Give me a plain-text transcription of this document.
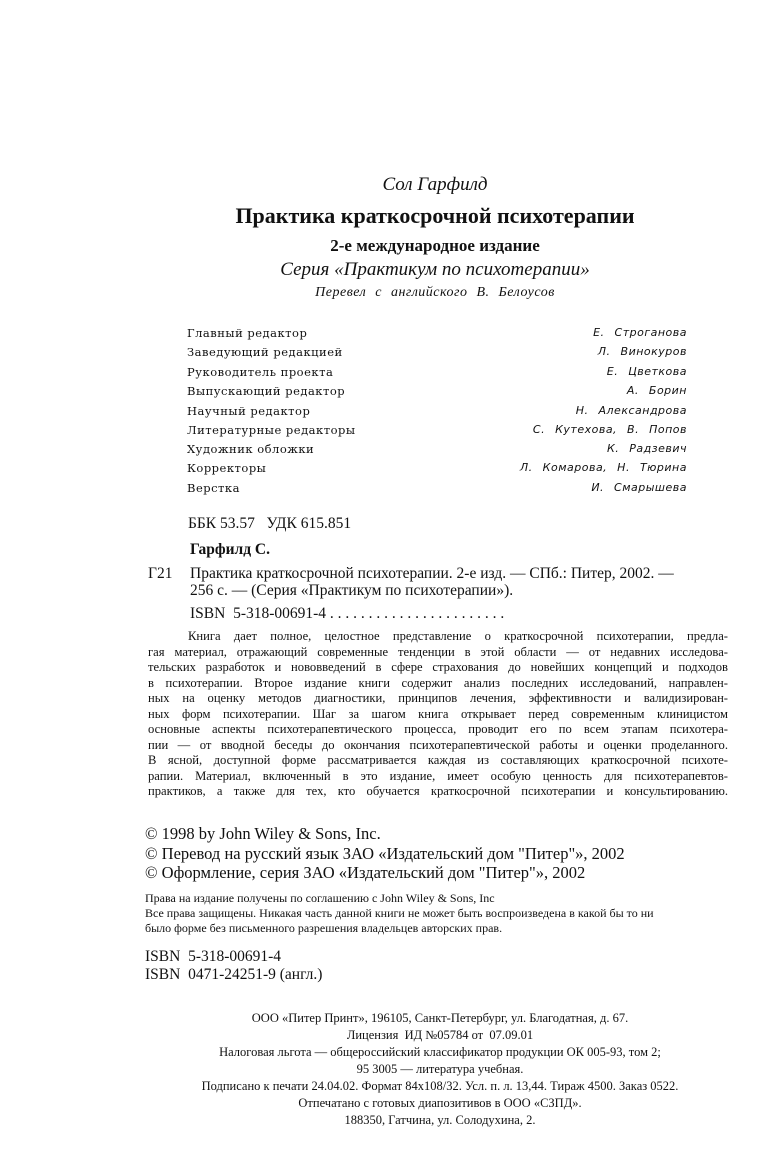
Сол Гарфилд
Практика краткосрочной психотерапии
2-е международное издание
Серия «Практикум по психотерапии»
Перевел с английского В. Белоусов
Главный редактор	Е. Строганова
Заведующий редакцией	Л. Винокуров
Руководитель проекта	Е. Цветкова
Выпускающий редактор	А. Борин
Научный редактор	Н. Александрова
Литературные редакторы	С. Кутехова, В. Попов
Художник обложки	К. Радзевич
Корректоры	Л. Комарова, Н. Тюрина
Верстка	И. Смарышева
ББК 53.57   УДК 615.851
Гарфилд С.
Г21 Практика краткосрочной психотерапии. 2-е изд. — СПб.: Питер, 2002. —
256 с. — (Серия «Практикум по психотерапии»).
ISBN  5-318-00691-4 . . . . . . . . . . . . . . . . . . . . . . .
Книга дает полное, целостное представление о краткосрочной психотерапии, предла-
гая материал, отражающий современные тенденции в этой области — от недавних исследова-
тельских разработок и нововведений в сфере страхования до новейших концепций и подходов
в психотерапии. Второе издание книги содержит анализ последних исследований, направлен-
ных на оценку методов диагностики, принципов лечения, эффективности и валидизирован-
ных форм психотерапии. Шаг за шагом книга открывает перед современным клиницистом
основные аспекты психотерапевтического процесса, проводит его по всем этапам психотера-
пии — от вводной беседы до окончания психотерапевтической работы и оценки проделанного.
В ясной, доступной форме рассматривается каждая из составляющих краткосрочной психоте-
рапии. Материал, включенный в это издание, имеет особую ценность для психотерапевтов-
практиков, а также для тех, кто обучается краткосрочной психотерапии и консультированию.
© 1998 by John Wiley & Sons, Inc.
© Перевод на русский язык ЗАО «Издательский дом "Питер"», 2002
© Оформление, серия ЗАО «Издательский дом "Питер"», 2002
Права на издание получены по соглашению с John Wiley & Sons, Inc
Все права защищены. Никакая часть данной книги не может быть воспроизведена в какой бы то ни
было форме без письменного разрешения владельцев авторских прав.
ISBN  5-318-00691-4
ISBN  0471-24251-9 (англ.)
ООО «Питер Принт», 196105, Санкт-Петербург, ул. Благодатная, д. 67.
Лицензия  ИД №05784 от  07.09.01
Налоговая льгота — общероссийский классификатор продукции ОК 005-93, том 2;
95 3005 — литература учебная.
Подписано к печати 24.04.02. Формат 84х108/32. Усл. п. л. 13,44. Тираж 4500. Заказ 0522.
Отпечатано с готовых диапозитивов в ООО «СЗПД».
188350, Гатчина, ул. Солодухина, 2.
